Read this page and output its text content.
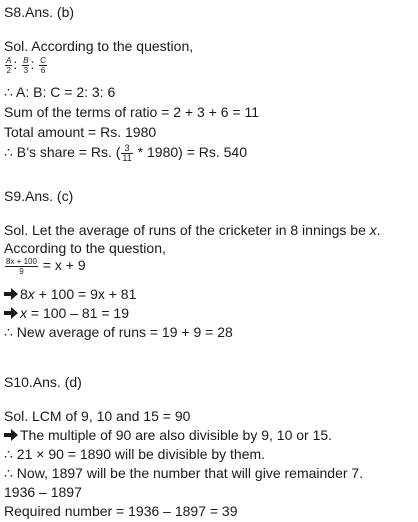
S8.Ans. (b)
Sol. According to the question,
$\frac{A}{2}$ : $\frac{B}{3}$ : $\frac{C}{6}$
∴ A: B: C = 2: 3: 6
Sum of the terms of ratio = 2 + 3 + 6 = 11
Total amount = Rs. 1980
∴ B’s share = Rs. ( $\frac{3}{11} * 1980) = Rs$. 540
S9.Ans. (c)
Sol. Let the average of runs of the cricketer in 8 innings be x.
According to the question,
$\frac{8x + 100}{9} = x + 9$
8x + 100 = 9x + 81
x = 100 – 81 = 19
∴ New average of runs = 19 + 9 = 28
S10.Ans. (d)
Sol. LCM of 9, 10 and 15 = 90
The multiple of 90 are also divisible by 9, 10 or 15.
∴ 21 × 90 = 1890 will be divisible by them.
∴ Now, 1897 will be the number that will give remainder 7.
1936 – 1897
Required number = 1936 – 1897 = 39
